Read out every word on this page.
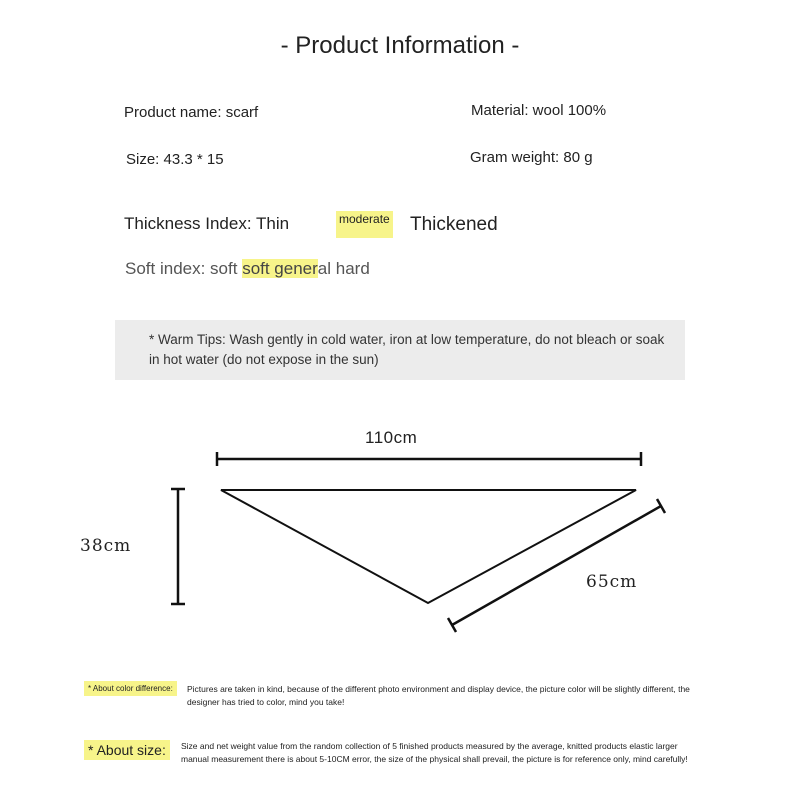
- Product Information -
Product name: scarf	Material: wool 100%
Size: 43.3 * 15	Gram weight: 80 g
Thickness Index: Thin	moderate Thickened
Soft index: soft soft general hard
* Warm Tips: Wash gently in cold water, iron at low temperature, do not bleach or soak in hot water (do not expose in the sun)
110cm
38cm
65cm
* About color difference:	Pictures are taken in kind, because of the different photo environment and display device, the picture color will be slightly different, the designer has tried to color, mind you take!
* About size:	Size and net weight value from the random collection of 5 finished products measured by the average, knitted products elastic larger manual measurement there is about 5-10CM error, the size of the physical shall prevail, the picture is for reference only, mind carefully!
